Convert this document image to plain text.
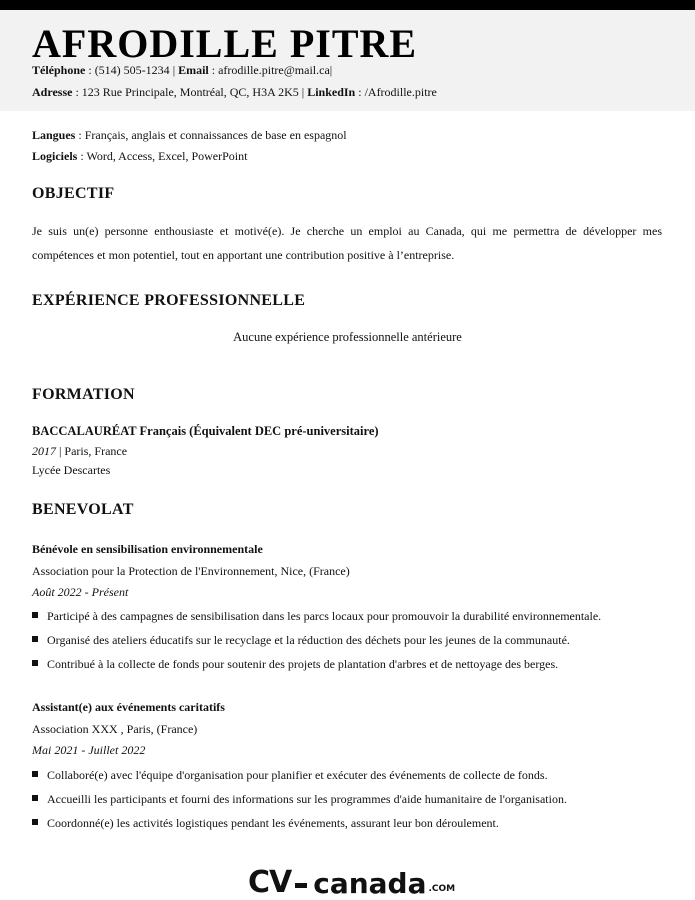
AFRODILLE PITRE
Téléphone : (514) 505-1234 | Email : afrodille.pitre@mail.ca|
Adresse : 123 Rue Principale, Montréal, QC, H3A 2K5 | LinkedIn : /Afrodille.pitre
Langues : Français, anglais et connaissances de base en espagnol
Logiciels : Word, Access, Excel, PowerPoint
OBJECTIF
Je suis un(e) personne enthousiaste et motivé(e). Je cherche un emploi au Canada, qui me permettra de développer mes compétences et mon potentiel, tout en apportant une contribution positive à l’entreprise.
EXPÉRIENCE PROFESSIONNELLE
Aucune expérience professionnelle antérieure
FORMATION
BACCALAURÉAT Français (Équivalent DEC pré-universitaire)
2017 | Paris, France
Lycée Descartes
BENEVOLAT
Bénévole en sensibilisation environnementale
Association pour la Protection de l'Environnement, Nice, (France)
Août 2022 - Présent
Participé à des campagnes de sensibilisation dans les parcs locaux pour promouvoir la durabilité environnementale.
Organisé des ateliers éducatifs sur le recyclage et la réduction des déchets pour les jeunes de la communauté.
Contribué à la collecte de fonds pour soutenir des projets de plantation d'arbres et de nettoyage des berges.
Assistant(e) aux événements caritatifs
Association XXX , Paris, (France)
Mai 2021 - Juillet 2022
Collaboré(e) avec l'équipe d'organisation pour planifier et exécuter des événements de collecte de fonds.
Accueilli les participants et fourni des informations sur les programmes d'aide humanitaire de l'organisation.
Coordonné(e) les activités logistiques pendant les événements, assurant leur bon déroulement.
CV canada .COM
